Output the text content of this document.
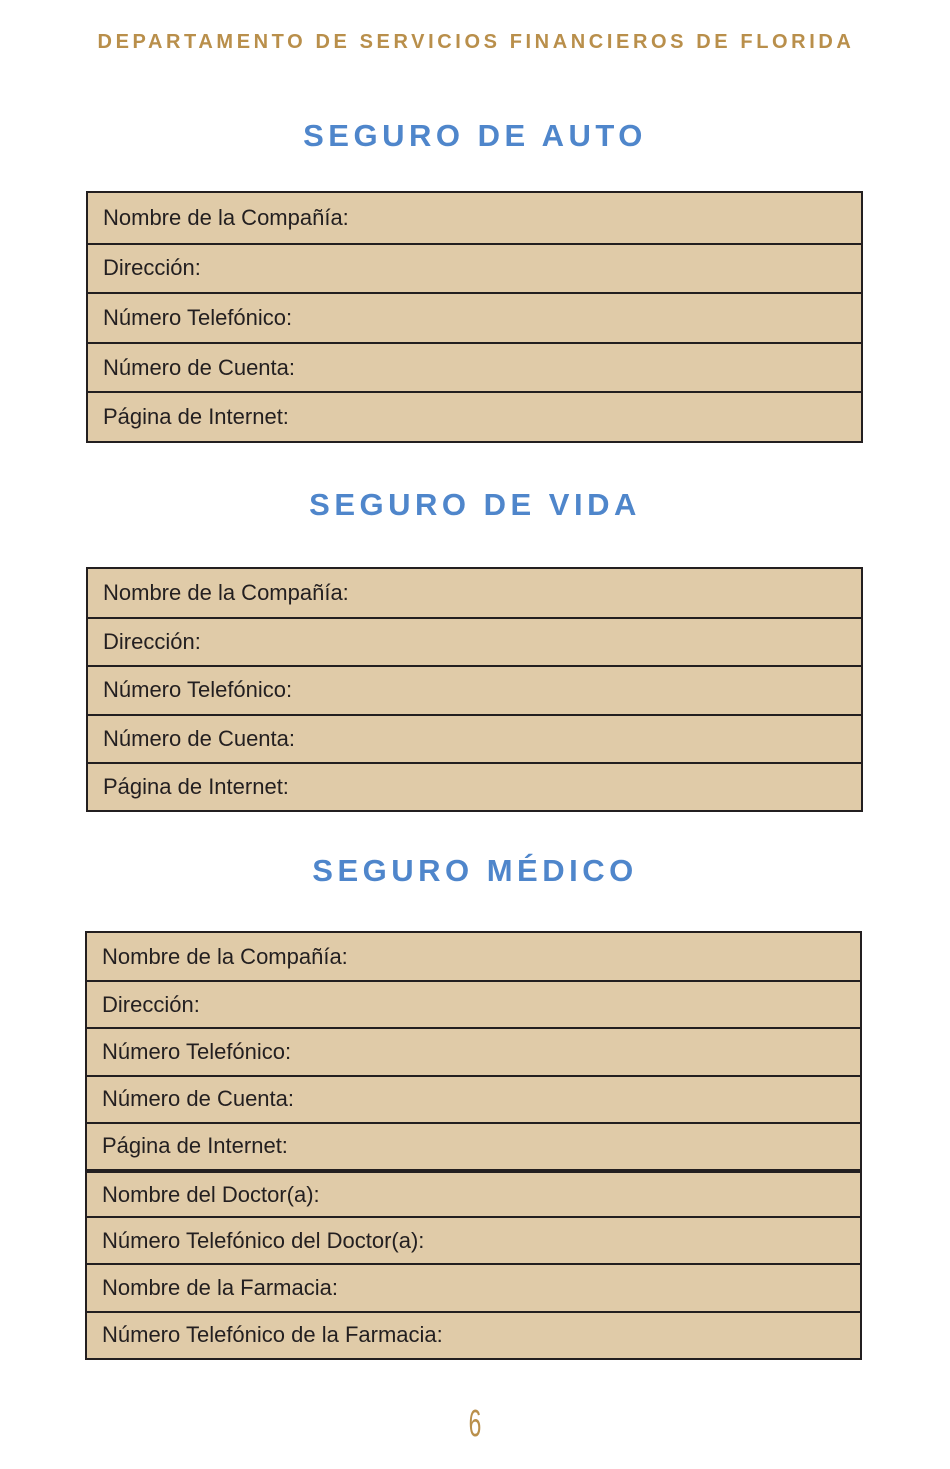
DEPARTAMENTO DE SERVICIOS FINANCIEROS DE FLORIDA
SEGURO DE AUTO
Nombre de la Compañía:
Dirección:
Número Telefónico:
Número de Cuenta:
Página de Internet:
SEGURO DE VIDA
Nombre de la Compañía:
Dirección:
Número Telefónico:
Número de Cuenta:
Página de Internet:
SEGURO MÉDICO
Nombre de la Compañía:
Dirección:
Número Telefónico:
Número de Cuenta:
Página de Internet:
Nombre del Doctor(a):
Número Telefónico del Doctor(a):
Nombre de la Farmacia:
Número Telefónico de la Farmacia:
6
